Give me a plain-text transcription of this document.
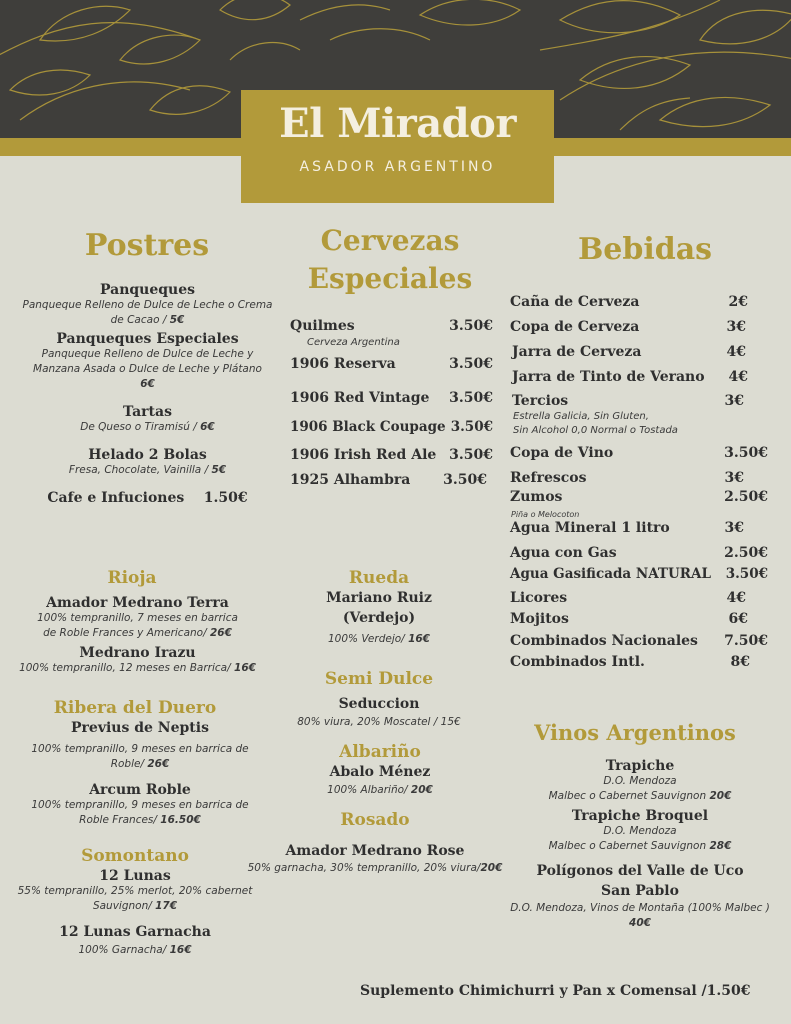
El Mirador
ASADOR ARGENTINO
Postres
Panqueques
Panqueque Relleno de Dulce de Leche o Crema de Cacao / 5€
Panqueques Especiales
Panqueque Relleno de Dulce de Leche y Manzana Asada o Dulce de Leche y Plátano
6€
Tartas
De Queso o Tiramisú / 6€
Helado 2 Bolas
Fresa, Chocolate, Vainilla / 5€
Cafe e Infuciones 1.50€
Cervezas
Especiales
Quilmes	3.50€
Cerveza Argentina
1906 Reserva	3.50€
1906 Red Vintage 3.50€
1906 Black Coupage 3.50€
1906 Irish Red Ale 3.50€
1925 Alhambra 3.50€
Bebidas
Caña de Cerveza	2€
Copa de Cerveza	3€
Jarra de Cerveza	4€
Jarra de Tinto de Verano 4€
Tercios	3€
Estrella Galicia, Sin Gluten,
Sin Alcohol 0,0 Normal o Tostada
Copa de Vino	3.50€
Refrescos	3€
Zumos	2.50€
Piña o Melocoton
Agua Mineral 1 litro	3€
Agua con Gas	2.50€
Agua Gasificada NATURAL 3.50€
Licores	4€
Mojitos	6€
Combinados Nacionales 7.50€
Combinados Intl.	8€
Rioja
Amador Medrano Terra
100% tempranillo, 7 meses en barrica
de Roble Frances y Americano/ 26€
Medrano Irazu
100% tempranillo, 12 meses en Barrica/ 16€
Ribera del Duero
Previus de Neptis
100% tempranillo, 9 meses en barrica de
Roble/ 26€
Arcum Roble
100% tempranillo, 9 meses en barrica de
Roble Frances/ 16.50€
Somontano
12 Lunas
55% tempranillo, 25% merlot, 20% cabernet
Sauvignon/ 17€
12 Lunas Garnacha
100% Garnacha/ 16€
Rueda
Mariano Ruiz
(Verdejo)
100% Verdejo/ 16€
Semi Dulce
Seduccion
80% viura, 20% Moscatel / 15€
Albariño
Abalo Ménez
100% Albariño/ 20€
Rosado
Amador Medrano Rose
50% garnacha, 30% tempranillo, 20% viura/20€
Vinos Argentinos
Trapiche
D.O. Mendoza
Malbec o Cabernet Sauvignon 20€
Trapiche Broquel
D.O. Mendoza
Malbec o Cabernet Sauvignon 28€
Polígonos del Valle de Uco
San Pablo
D.O. Mendoza, Vinos de Montaña (100% Malbec )
40€
Suplemento Chimichurri y Pan x Comensal /1.50€
